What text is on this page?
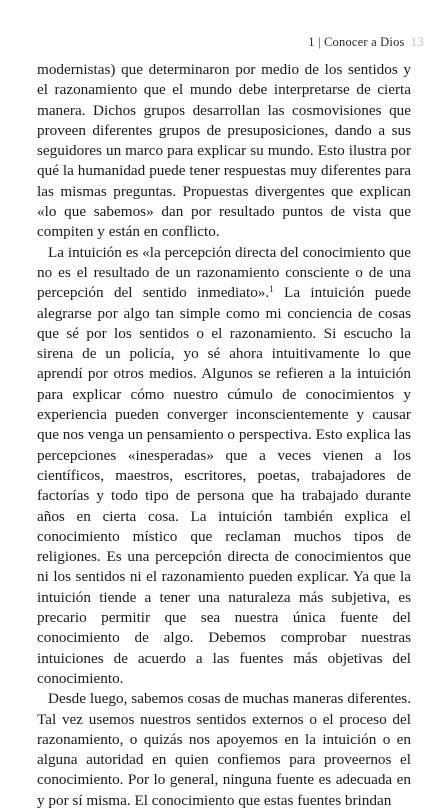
1 | Conocer a Dios 13

modernistas) que determinaron por medio de los sentidos y el razonamiento que el mundo debe interpretarse de cierta manera. Dichos grupos desarrollan las cosmovisiones que proveen diferentes grupos de presuposiciones, dando a sus seguidores un marco para explicar su mundo. Esto ilustra por qué la humanidad puede tener respuestas muy diferentes para las mismas preguntas. Propuestas divergentes que explican «lo que sabemos» dan por resultado puntos de vista que compiten y están en conflicto.

La intuición es «la percepción directa del conocimiento que no es el resultado de un razonamiento consciente o de una percepción del sentido inmediato».$^1$ La intuición puede alegrarse por algo tan simple como mi conciencia de cosas que sé por los sentidos o el razonamiento. Si escucho la sirena de un policía, yo sé ahora intuitivamente lo que aprendí por otros medios. Algunos se refieren a la intuición para explicar cómo nuestro cúmulo de conocimientos y experiencia pueden converger inconscientemente y causar que nos venga un pensamiento o perspectiva. Esto explica las percepciones «inesperadas» que a veces vienen a los científicos, maestros, escritores, poetas, trabajadores de factorías y todo tipo de persona que ha trabajado durante años en cierta cosa. La intuición también explica el conocimiento místico que reclaman muchos tipos de religiones. Es una percepción directa de conocimientos que ni los sentidos ni el razonamiento pueden explicar. Ya que la intuición tiende a tener una naturaleza más subjetiva, es precario permitir que sea nuestra única fuente del conocimiento de algo. Debemos comprobar nuestras intuiciones de acuerdo a las fuentes más objetivas del conocimiento.

Desde luego, sabemos cosas de muchas maneras diferentes. Tal vez usemos nuestros sentidos externos o el proceso del razonamiento, o quizás nos apoyemos en la intuición o en alguna autoridad en quien confiemos para proveernos el conocimiento. Por lo general, ninguna fuente es adecuada en y por sí misma. El conocimiento que estas fuentes brindan
